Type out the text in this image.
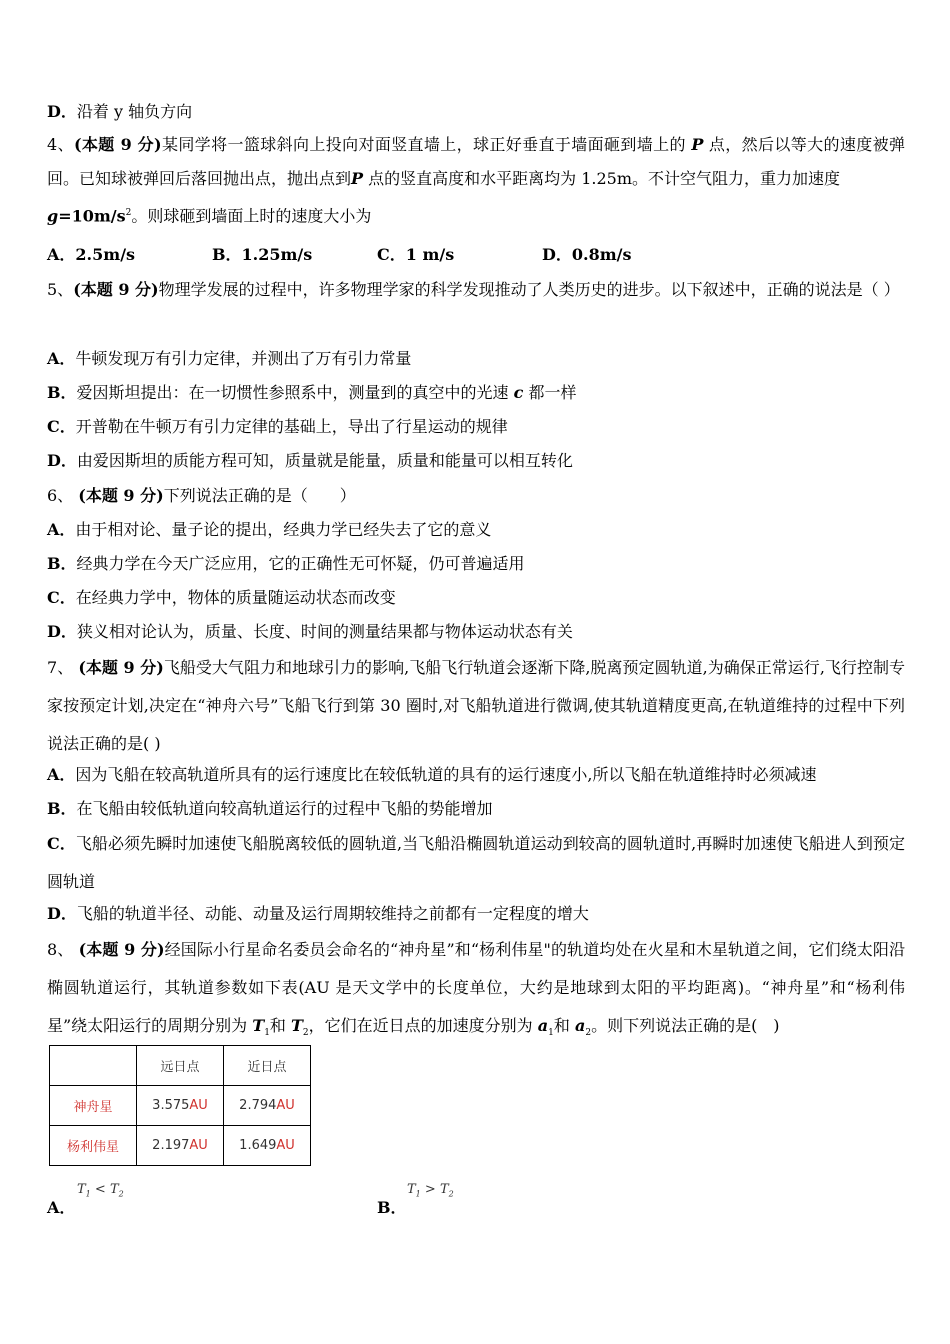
D．沿着 y 轴负方向
4、(本题 9 分)某同学将一篮球斜向上投向对面竖直墙上，球正好垂直于墙面砸到墙上的 P 点，然后以等大的速度被弹回。已知球被弹回后落回抛出点，抛出点到P 点的竖直高度和水平距离均为 1.25m。不计空气阻力，重力加速度
$g=10m/s^2$。则球砸到墙面上时的速度大小为
A．2.5m/s	B．1.25m/s	C．1 m/s	D．0.8m/s
5、(本题 9 分)物理学发展的过程中，许多物理学家的科学发现推动了人类历史的进步。以下叙述中，正确的说法是（ ）
A．牛顿发现万有引力定律，并测出了万有引力常量
B．爱因斯坦提出：在一切惯性参照系中，测量到的真空中的光速 c 都一样
C．开普勒在牛顿万有引力定律的基础上，导出了行星运动的规律
D．由爱因斯坦的质能方程可知，质量就是能量，质量和能量可以相互转化
6、 (本题 9 分)下列说法正确的是（　　）
A．由于相对论、量子论的提出，经典力学已经失去了它的意义
B．经典力学在今天广泛应用，它的正确性无可怀疑，仍可普遍适用
C．在经典力学中，物体的质量随运动状态而改变
D．狭义相对论认为，质量、长度、时间的测量结果都与物体运动状态有关
7、 (本题 9 分)飞船受大气阻力和地球引力的影响,飞船飞行轨道会逐渐下降,脱离预定圆轨道,为确保正常运行,飞行控制专家按预定计划,决定在“神舟六号”飞船飞行到第 30 圈时,对飞船轨道进行微调,使其轨道精度更高,在轨道维持的过程中下列说法正确的是( )
A．因为飞船在较高轨道所具有的运行速度比在较低轨道的具有的运行速度小,所以飞船在轨道维持时必须减速
B．在飞船由较低轨道向较高轨道运行的过程中飞船的势能增加
C．飞船必须先瞬时加速使飞船脱离较低的圆轨道,当飞船沿椭圆轨道运动到较高的圆轨道时,再瞬时加速使飞船进人到预定圆轨道
D．飞船的轨道半径、动能、动量及运行周期较维持之前都有一定程度的增大
8、 (本题 9 分)经国际小行星命名委员会命名的“神舟星”和“杨利伟星"的轨道均处在火星和木星轨道之间，它们绕太阳沿椭圆轨道运行，其轨道参数如下表(AU 是天文学中的长度单位，大约是地球到太阳的平均距离)。“神舟星”和“杨利伟星”绕太阳运行的周期分别为 $T_1$和 $T_2$，它们在近日点的加速度分别为 $a_1$和 $a_2$。则下列说法正确的是(　)
	远日点	近日点
神舟星	3.575AU	2.794AU
杨利伟星	2.197AU	1.649AU
A．
$T_1 < T_2$
B．
$T_1 > T_2$
